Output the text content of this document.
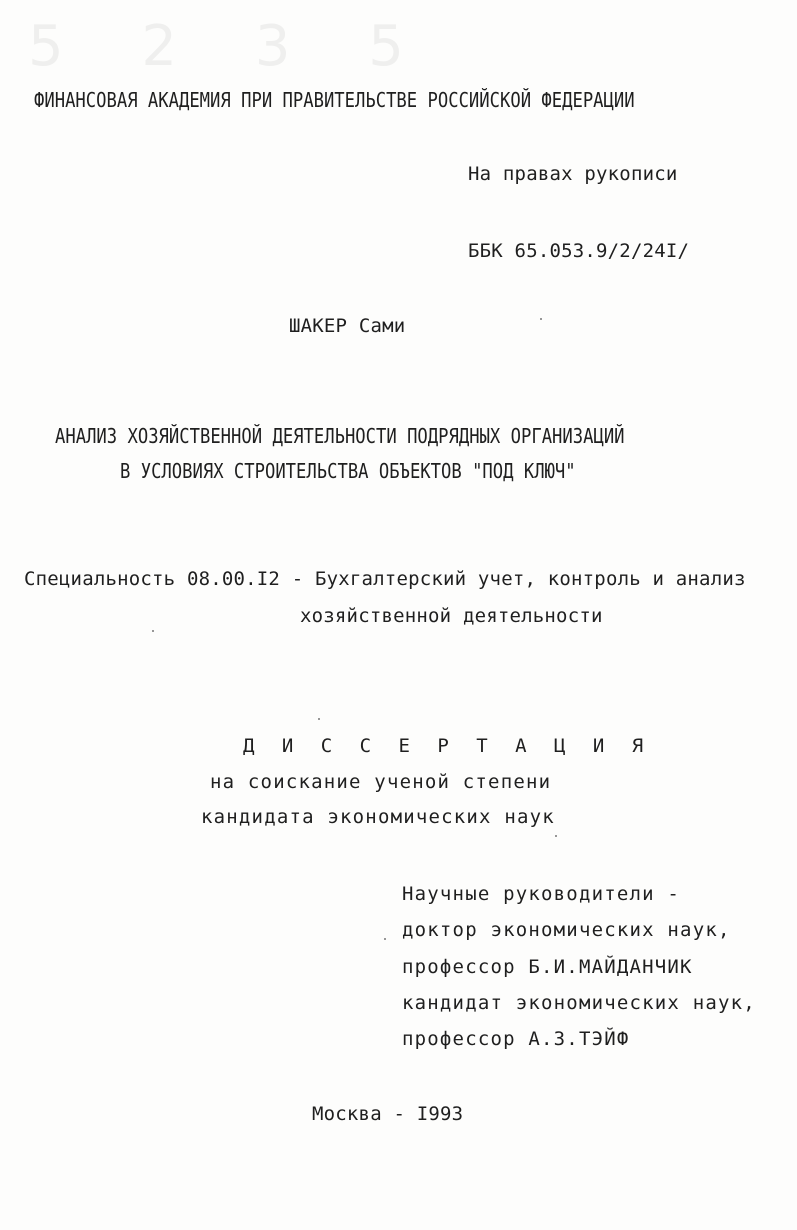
5 2 3 5
ФИНАНСОВАЯ АКАДЕМИЯ ПРИ ПРАВИТЕЛЬСТВЕ РОССИЙСКОЙ ФЕДЕРАЦИИ
На правах рукописи
ББК 65.053.9/2/24I/
ШАКЕР Сами
АНАЛИЗ ХОЗЯЙСТВЕННОЙ ДЕЯТЕЛЬНОСТИ ПОДРЯДНЫХ ОРГАНИЗАЦИЙ
В УСЛОВИЯХ СТРОИТЕЛЬСТВА ОБЪЕКТОВ "ПОД КЛЮЧ"
Специальность 08.00.I2 - Бухгалтерский учет, контроль и анализ
хозяйственной деятельности
Д И С С Е Р Т А Ц И Я
на соискание ученой степени
кандидата экономических наук
Научные руководители -
доктор экономических наук,
профессор Б.И.МАЙДАНЧИК
кандидат экономических наук,
профессор А.З.ТЭЙФ
Москва - I993
